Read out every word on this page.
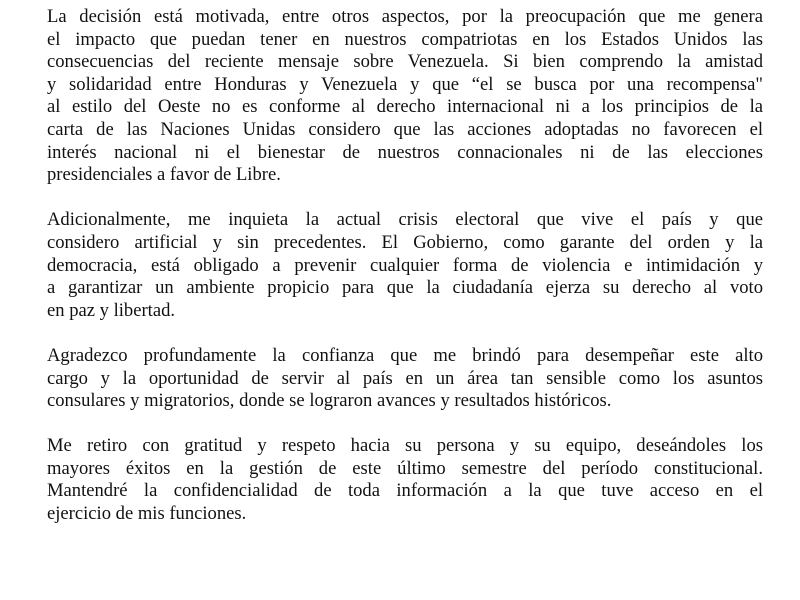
La decisión está motivada, entre otros aspectos, por la preocupación que me genera
el impacto que puedan tener en nuestros compatriotas en los Estados Unidos las
consecuencias del reciente mensaje sobre Venezuela. Si bien comprendo la amistad
y solidaridad entre Honduras y Venezuela y que “el se busca por una recompensa"
al estilo del Oeste no es conforme al derecho internacional ni a los principios de la
carta de las Naciones Unidas considero que las acciones adoptadas no favorecen el
interés nacional ni el bienestar de nuestros connacionales ni de las elecciones
presidenciales a favor de Libre.
Adicionalmente, me inquieta la actual crisis electoral que vive el país y que
considero artificial y sin precedentes. El Gobierno, como garante del orden y la
democracia, está obligado a prevenir cualquier forma de violencia e intimidación y
a garantizar un ambiente propicio para que la ciudadanía ejerza su derecho al voto
en paz y libertad.
Agradezco profundamente la confianza que me brindó para desempeñar este alto
cargo y la oportunidad de servir al país en un área tan sensible como los asuntos
consulares y migratorios, donde se lograron avances y resultados históricos.
Me retiro con gratitud y respeto hacia su persona y su equipo, deseándoles los
mayores éxitos en la gestión de este último semestre del período constitucional.
Mantendré la confidencialidad de toda información a la que tuve acceso en el
ejercicio de mis funciones.
